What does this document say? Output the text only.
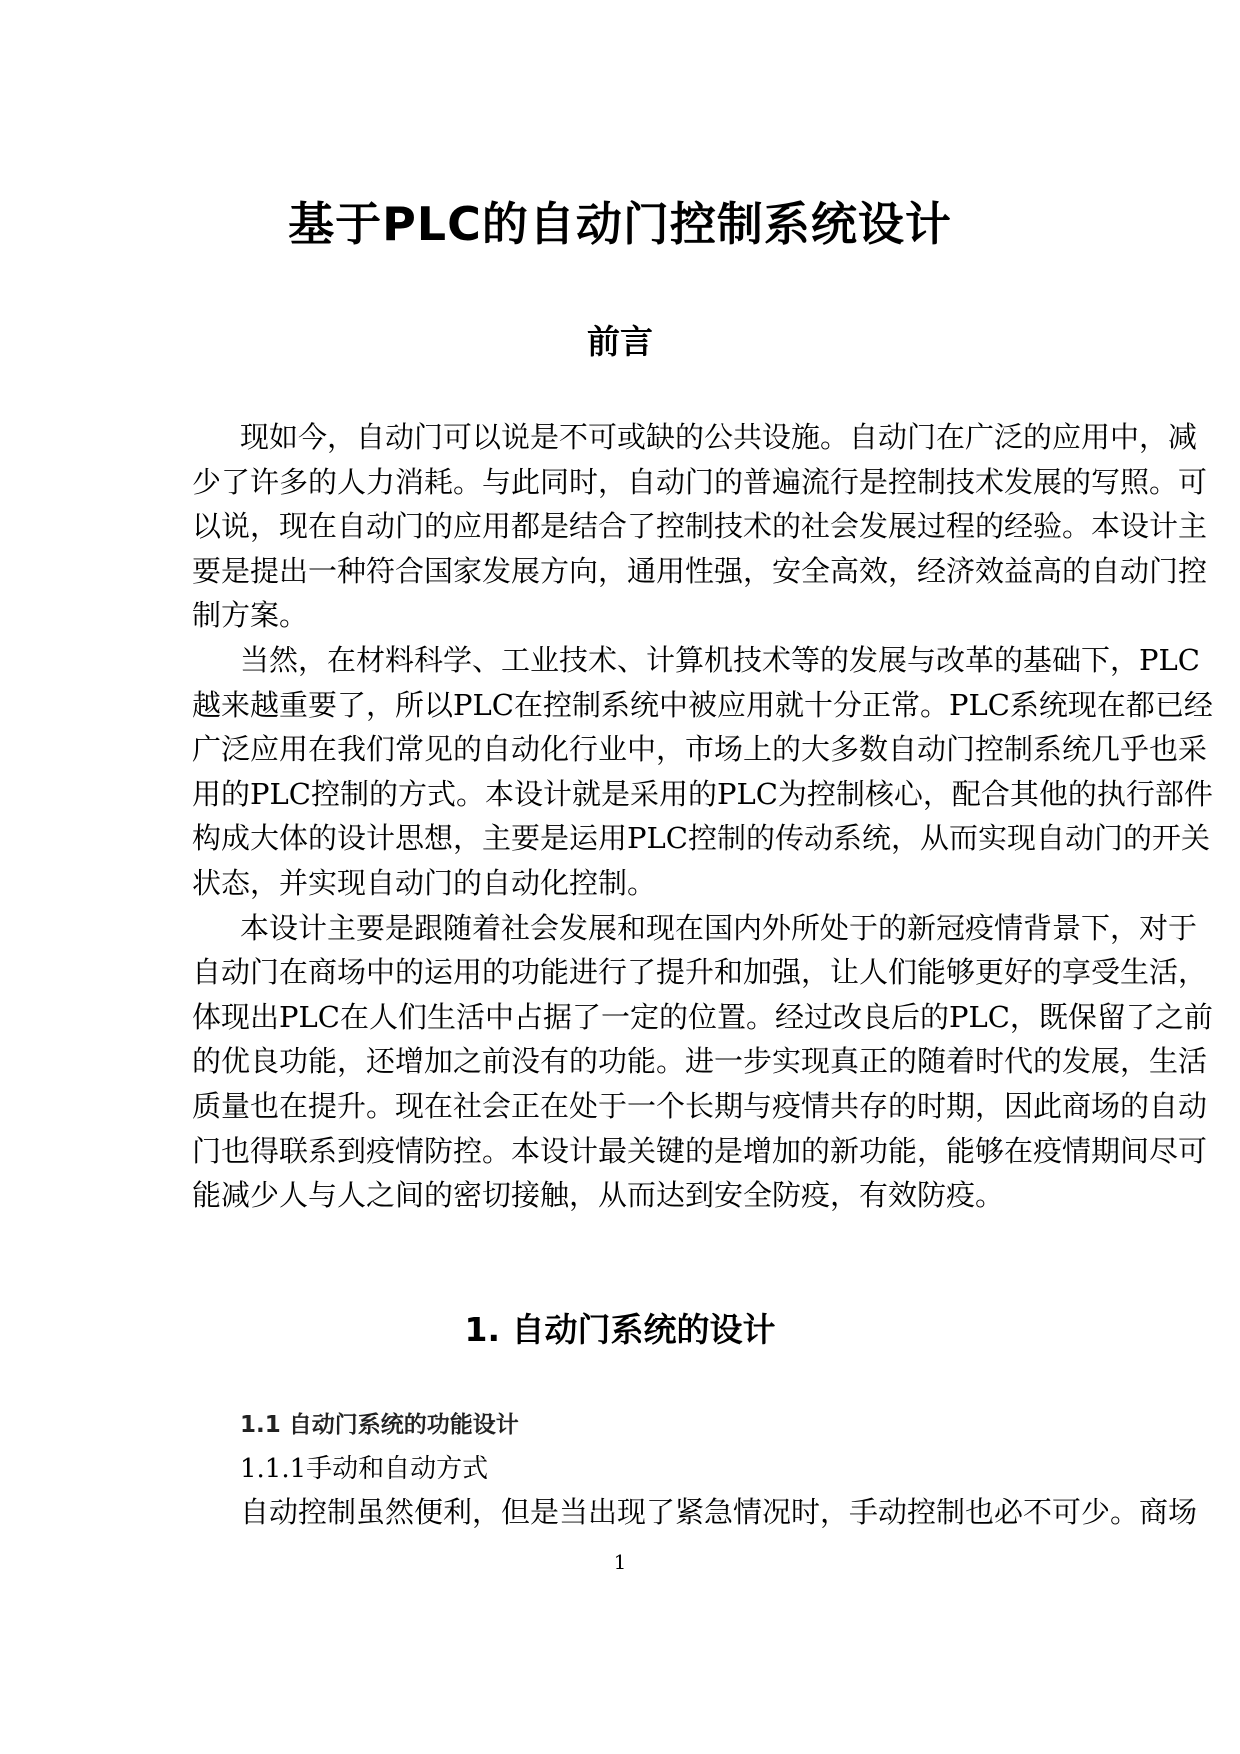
基于PLC的自动门控制系统设计
前言
现如今，自动门可以说是不可或缺的公共设施。自动门在广泛的应用中，减
少了许多的人力消耗。与此同时，自动门的普遍流行是控制技术发展的写照。可
以说，现在自动门的应用都是结合了控制技术的社会发展过程的经验。本设计主
要是提出一种符合国家发展方向，通用性强，安全高效，经济效益高的自动门控
制方案。
当然，在材料科学、工业技术、计算机技术等的发展与改革的基础下，PLC
越来越重要了，所以PLC在控制系统中被应用就十分正常。PLC系统现在都已经
广泛应用在我们常见的自动化行业中，市场上的大多数自动门控制系统几乎也采
用的PLC控制的方式。本设计就是采用的PLC为控制核心，配合其他的执行部件
构成大体的设计思想，主要是运用PLC控制的传动系统，从而实现自动门的开关
状态，并实现自动门的自动化控制。
本设计主要是跟随着社会发展和现在国内外所处于的新冠疫情背景下，对于
自动门在商场中的运用的功能进行了提升和加强，让人们能够更好的享受生活，
体现出PLC在人们生活中占据了一定的位置。经过改良后的PLC，既保留了之前
的优良功能，还增加之前没有的功能。进一步实现真正的随着时代的发展，生活
质量也在提升。现在社会正在处于一个长期与疫情共存的时期，因此商场的自动
门也得联系到疫情防控。本设计最关键的是增加的新功能，能够在疫情期间尽可
能减少人与人之间的密切接触，从而达到安全防疫，有效防疫。
1. 自动门系统的设计
1.1 自动门系统的功能设计
1.1.1手动和自动方式
自动控制虽然便利，但是当出现了紧急情况时，手动控制也必不可少。商场
1
